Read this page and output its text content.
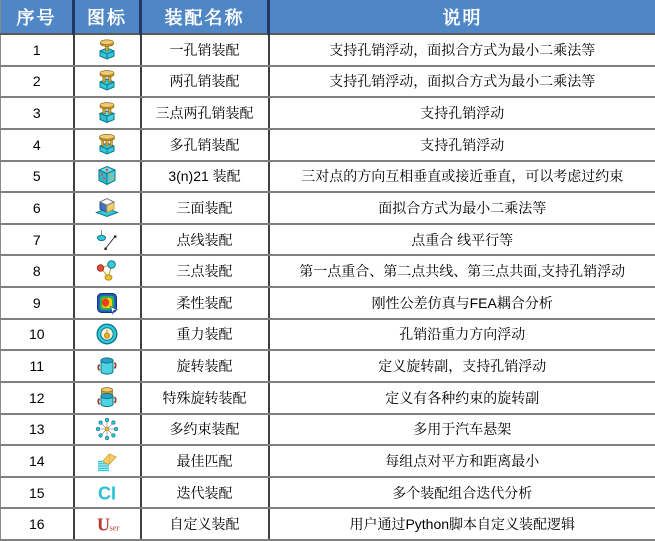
序号	图标	装配名称	说明
1		一孔销装配	支持孔销浮动，面拟合方式为最小二乘法等
2		两孔销装配	支持孔销浮动，面拟合方式为最小二乘法等
3		三点两孔销装配	支持孔销浮动
4		多孔销装配	支持孔销浮动
5		3(n)21 装配	三对点的方向互相垂直或接近垂直，可以考虑过约束
6		三面装配	面拟合方式为最小二乘法等
7		点线装配	点重合 线平行等
8		三点装配	第一点重合、第二点共线、第三点共面,支持孔销浮动
9		柔性装配	刚性公差仿真与FEA耦合分析
10		重力装配	孔销沿重力方向浮动
11		旋转装配	定义旋转副，支持孔销浮动
12		特殊旋转装配	定义有各种约束的旋转副
13		多约束装配	多用于汽车悬架
14		最佳匹配	每组点对平方和距离最小
15	CI	迭代装配	多个装配组合迭代分析
16	U ser	自定义装配	用户通过Python脚本自定义装配逻辑
